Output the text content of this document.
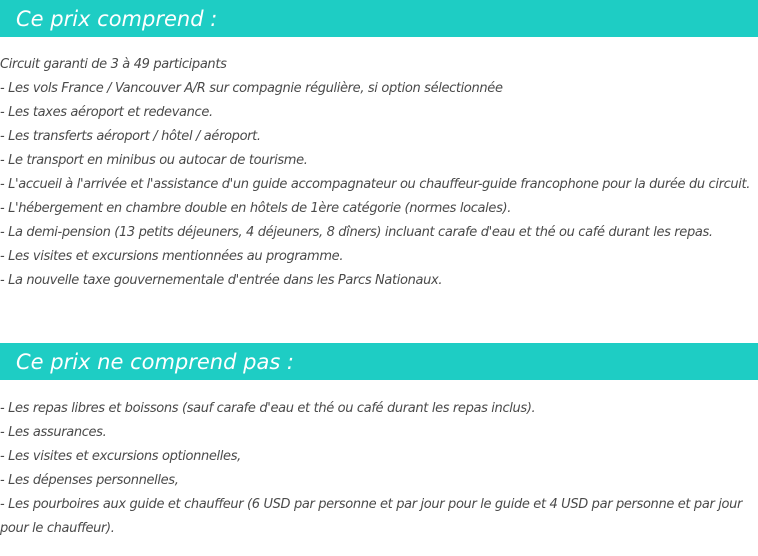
Ce prix comprend :
Circuit garanti de 3 à 49 participants
- Les vols France / Vancouver A/R sur compagnie régulière, si option sélectionnée
- Les taxes aéroport et redevance.
- Les transferts aéroport / hôtel / aéroport.
- Le transport en minibus ou autocar de tourisme.
- L'accueil à l'arrivée et l'assistance d'un guide accompagnateur ou chauffeur-guide francophone pour la durée du circuit.
- L'hébergement en chambre double en hôtels de 1ère catégorie (normes locales).
- La demi-pension (13 petits déjeuners, 4 déjeuners, 8 dîners) incluant carafe d'eau et thé ou café durant les repas.
- Les visites et excursions mentionnées au programme.
- La nouvelle taxe gouvernementale d'entrée dans les Parcs Nationaux.
Ce prix ne comprend pas :
- Les repas libres et boissons (sauf carafe d'eau et thé ou café durant les repas inclus).
- Les assurances.
- Les visites et excursions optionnelles,
- Les dépenses personnelles,
- Les pourboires aux guide et chauffeur (6 USD par personne et par jour pour le guide et 4 USD par personne et par jour pour le chauffeur).
